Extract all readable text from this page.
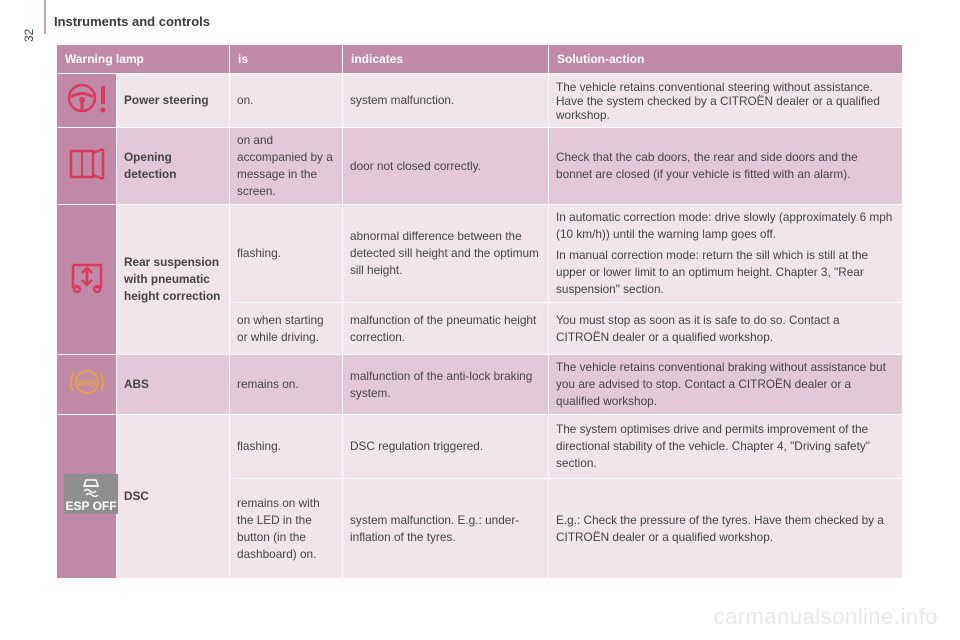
32
Instruments and controls
Warning lamp		is	indicates	Solution-action
	Power steering	on.	system malfunction.	The vehicle retains conventional steering without assistance. Have the system checked by a CITROËN dealer or a qualified workshop.
	Opening detection	on and accompanied by a message in the screen.	door not closed correctly.	Check that the cab doors, the rear and side doors and the bonnet are closed (if your vehicle is fitted with an alarm).
	Rear suspension with pneumatic height correction	flashing.	abnormal difference between the detected sill height and the optimum sill height.	In automatic correction mode: drive slowly (approximately 6 mph (10 km/h)) until the warning lamp goes off.

In manual correction mode: return the sill which is still at the upper or lower limit to an optimum height. Chapter 3, "Rear suspension" section.

		on when starting or while driving.	malfunction of the pneumatic height correction.	You must stop as soon as it is safe to do so. Contact a CITROËN dealer or a qualified workshop.

ABS	ABS	remains on.	malfunction of the anti-lock braking system.	The vehicle retains conventional braking without assistance but you are advised to stop. Contact a CITROËN dealer or a qualified workshop.

ESP OFF	DSC	flashing.	DSC regulation triggered.	The system optimises drive and permits improvement of the directional stability of the vehicle. Chapter 4, "Driving safety" section.
		remains on with the LED in the button (in the dashboard) on.	system malfunction. E.g.: under-inflation of the tyres.	E.g.: Check the pressure of the tyres. Have them checked by a CITROËN dealer or a qualified workshop.
carmanualsonline.info
